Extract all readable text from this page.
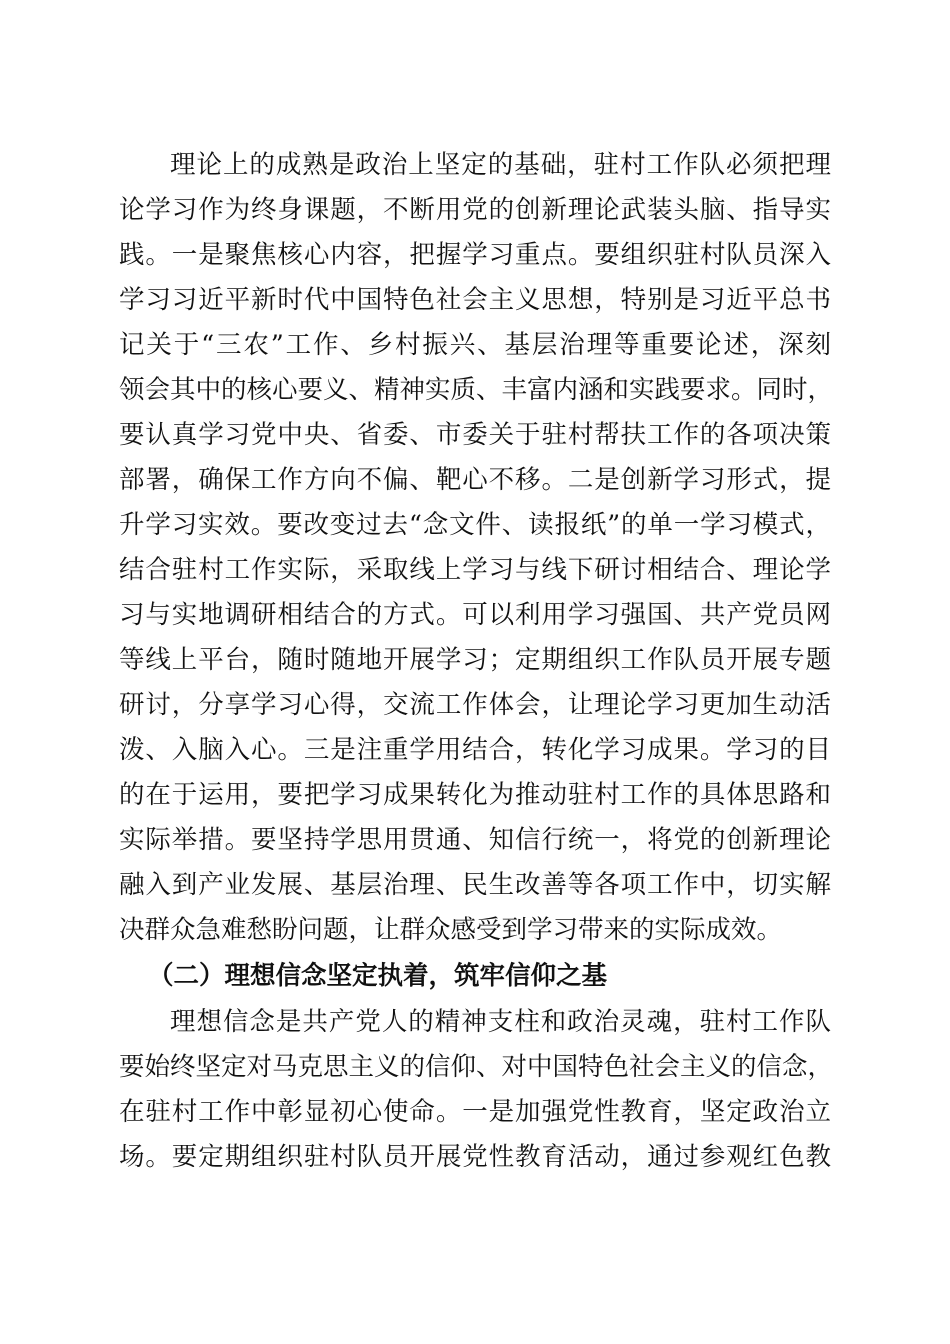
理论上的成熟是政治上坚定的基础，驻村工作队必须把理
论学习作为终身课题，不断用党的创新理论武装头脑、指导实
践。一是聚焦核心内容，把握学习重点。要组织驻村队员深入
学习习近平新时代中国特色社会主义思想，特别是习近平总书
记关于“三农”工作、乡村振兴、基层治理等重要论述，深刻
领会其中的核心要义、精神实质、丰富内涵和实践要求。同时，
要认真学习党中央、省委、市委关于驻村帮扶工作的各项决策
部署，确保工作方向不偏、靶心不移。二是创新学习形式，提
升学习实效。要改变过去“念文件、读报纸”的单一学习模式，
结合驻村工作实际，采取线上学习与线下研讨相结合、理论学
习与实地调研相结合的方式。可以利用学习强国、共产党员网
等线上平台，随时随地开展学习；定期组织工作队员开展专题
研讨，分享学习心得，交流工作体会，让理论学习更加生动活
泼、入脑入心。三是注重学用结合，转化学习成果。学习的目
的在于运用，要把学习成果转化为推动驻村工作的具体思路和
实际举措。要坚持学思用贯通、知信行统一，将党的创新理论
融入到产业发展、基层治理、民生改善等各项工作中，切实解
决群众急难愁盼问题，让群众感受到学习带来的实际成效。
（二）理想信念坚定执着，筑牢信仰之基
理想信念是共产党人的精神支柱和政治灵魂，驻村工作队
要始终坚定对马克思主义的信仰、对中国特色社会主义的信念，
在驻村工作中彰显初心使命。一是加强党性教育，坚定政治立
场。要定期组织驻村队员开展党性教育活动，通过参观红色教
